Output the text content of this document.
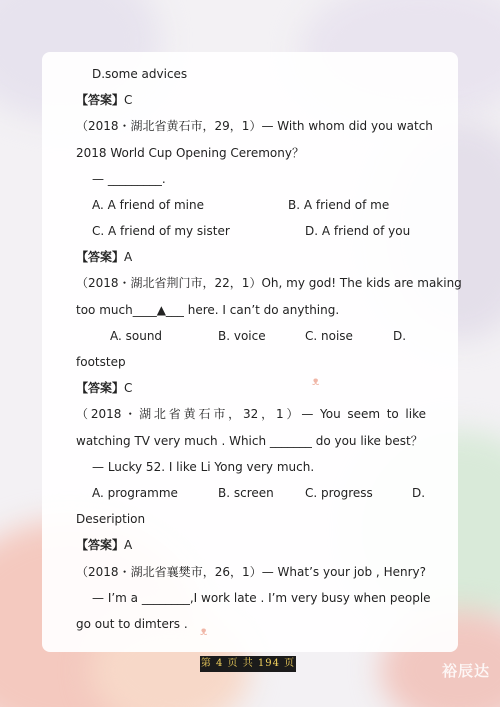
ᴥ
ᴥ
D.some advices
【答案】C
（2018・湖北省黄石市，29，1）— With whom did you watch
2018 World Cup Opening Ceremony？
— _________.
A. A friend of mine	B. A friend of me
C. A friend of my sister	D. A friend of you
【答案】A
（2018・湖北省荆门市，22，1）Oh, my god! The kids are making
too much____▲___ here. I can’t do anything.
A. sound	B. voice	C. noise	D.
footstep
【答案】C
（2018・湖北省黄石市，32，1）— You seem to like
watching TV very much . Which _______ do you like best？
— Lucky 52. I like Li Yong very much.
A. programme	B. screen	C. progress	D.
Deseription
【答案】A
（2018・湖北省襄樊市，26，1）— What’s your job , Henry?
— I’m a ________,I work late . I’m very busy when people
go out to dimters .
第 4 页 共 194 页	裕辰达
